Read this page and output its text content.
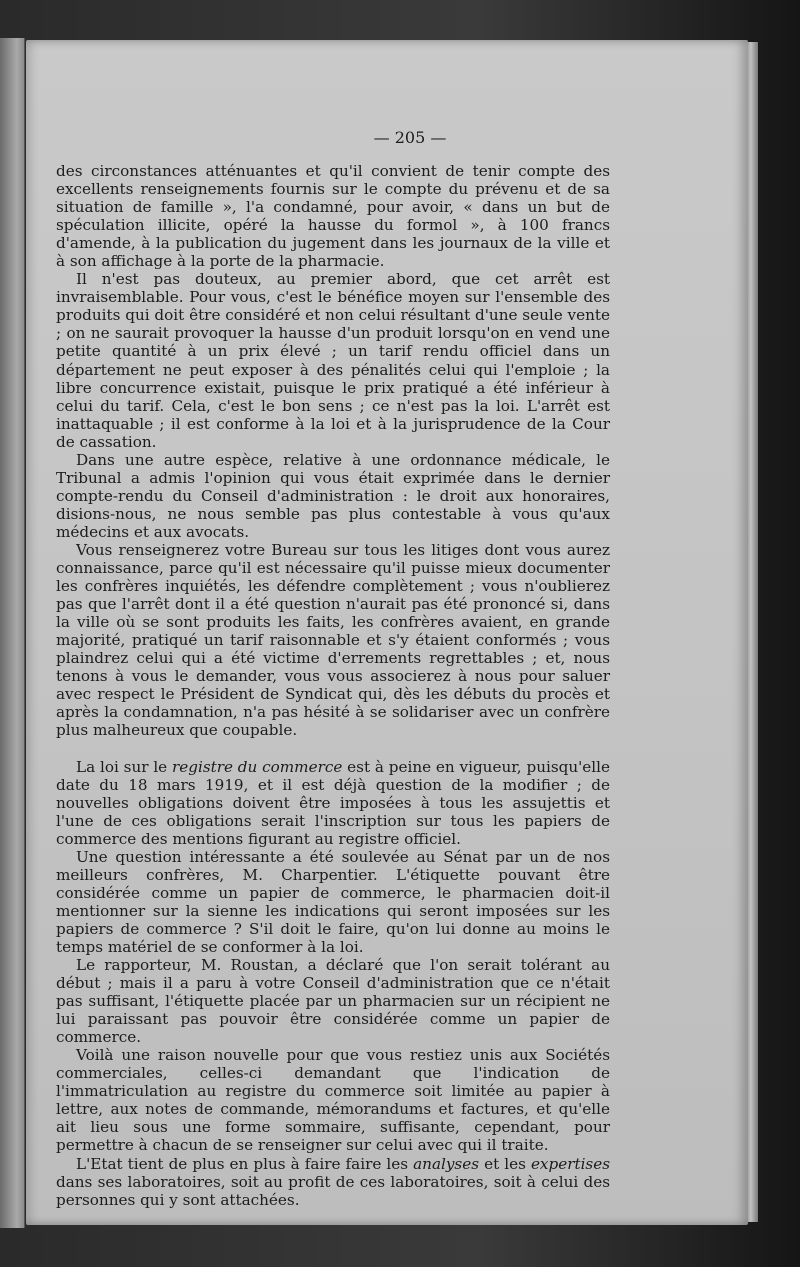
— 205 —

des circonstances atténuantes et qu'il convient de tenir compte des excellents renseignements fournis sur le compte du prévenu et de sa situation de famille », l'a condamné, pour avoir, « dans un but de spéculation illicite, opéré la hausse du formol », à 100 francs d'amende, à la publication du jugement dans les journaux de la ville et à son affichage à la porte de la pharmacie.

Il n'est pas douteux, au premier abord, que cet arrêt est invraisemblable. Pour vous, c'est le bénéfice moyen sur l'ensemble des produits qui doit être considéré et non celui résultant d'une seule vente ; on ne saurait provoquer la hausse d'un produit lorsqu'on en vend une petite quantité à un prix élevé ; un tarif rendu officiel dans un département ne peut exposer à des pénalités celui qui l'emploie ; la libre concurrence existait, puisque le prix pratiqué a été inférieur à celui du tarif. Cela, c'est le bon sens ; ce n'est pas la loi. L'arrêt est inattaquable ; il est conforme à la loi et à la jurisprudence de la Cour de cassation.

Dans une autre espèce, relative à une ordonnance médicale, le Tribunal a admis l'opinion qui vous était exprimée dans le dernier compte-rendu du Conseil d'administration : le droit aux honoraires, disions-nous, ne nous semble pas plus contestable à vous qu'aux médecins et aux avocats.

Vous renseignerez votre Bureau sur tous les litiges dont vous aurez connaissance, parce qu'il est nécessaire qu'il puisse mieux documenter les confrères inquiétés, les défendre complètement ; vous n'oublierez pas que l'arrêt dont il a été question n'aurait pas été prononcé si, dans la ville où se sont produits les faits, les confrères avaient, en grande majorité, pratiqué un tarif raisonnable et s'y étaient conformés ; vous plaindrez celui qui a été victime d'errements regrettables ; et, nous tenons à vous le demander, vous vous associerez à nous pour saluer avec respect le Président de Syndicat qui, dès les débuts du procès et après la condamnation, n'a pas hésité à se solidariser avec un confrère plus malheureux que coupable.

La loi sur le registre du commerce est à peine en vigueur, puisqu'elle date du 18 mars 1919, et il est déjà question de la modifier ; de nouvelles obligations doivent être imposées à tous les assujettis et l'une de ces obligations serait l'inscription sur tous les papiers de commerce des mentions figurant au registre officiel.

Une question intéressante a été soulevée au Sénat par un de nos meilleurs confrères, M. Charpentier. L'étiquette pouvant être considérée comme un papier de commerce, le pharmacien doit-il mentionner sur la sienne les indications qui seront imposées sur les papiers de commerce ? S'il doit le faire, qu'on lui donne au moins le temps matériel de se conformer à la loi.

Le rapporteur, M. Roustan, a déclaré que l'on serait tolérant au début ; mais il a paru à votre Conseil d'administration que ce n'était pas suffisant, l'étiquette placée par un pharmacien sur un récipient ne lui paraissant pas pouvoir être considérée comme un papier de commerce.

Voilà une raison nouvelle pour que vous restiez unis aux Sociétés commerciales, celles-ci demandant que l'indication de l'immatriculation au registre du commerce soit limitée au papier à lettre, aux notes de commande, mémorandums et factures, et qu'elle ait lieu sous une forme sommaire, suffisante, cependant, pour permettre à chacun de se renseigner sur celui avec qui il traite.

L'Etat tient de plus en plus à faire faire les analyses et les expertises dans ses laboratoires, soit au profit de ces laboratoires, soit à celui des personnes qui y sont attachées.
